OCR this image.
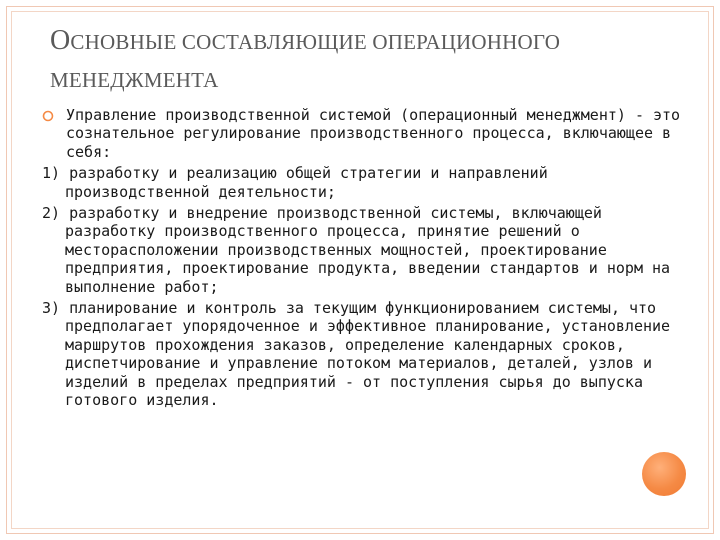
ОСНОВНЫЕ СОСТАВЛЯЮЩИЕ ОПЕРАЦИОННОГО МЕНЕДЖМЕНТА
Управление производственной системой (операционный менеджмент) - это сознательное регулирование производственного процесса, включающее в себя:
1) разработку и реализацию общей стратегии и направлений производственной деятельности;
2) разработку и внедрение производственной системы, включающей разработку производственного процесса, принятие решений о месторасположении производственных мощностей, проектирование предприятия, проектирование продукта, введении стандартов и норм на выполнение работ;
3) планирование и контроль за текущим функционированием системы, что предполагает упорядоченное и эффективное планирование, установление маршрутов прохождения заказов, определение календарных сроков, диспетчирование и управление потоком материалов, деталей, узлов и изделий в пределах предприятий - от поступления сырья до выпуска готового изделия.
